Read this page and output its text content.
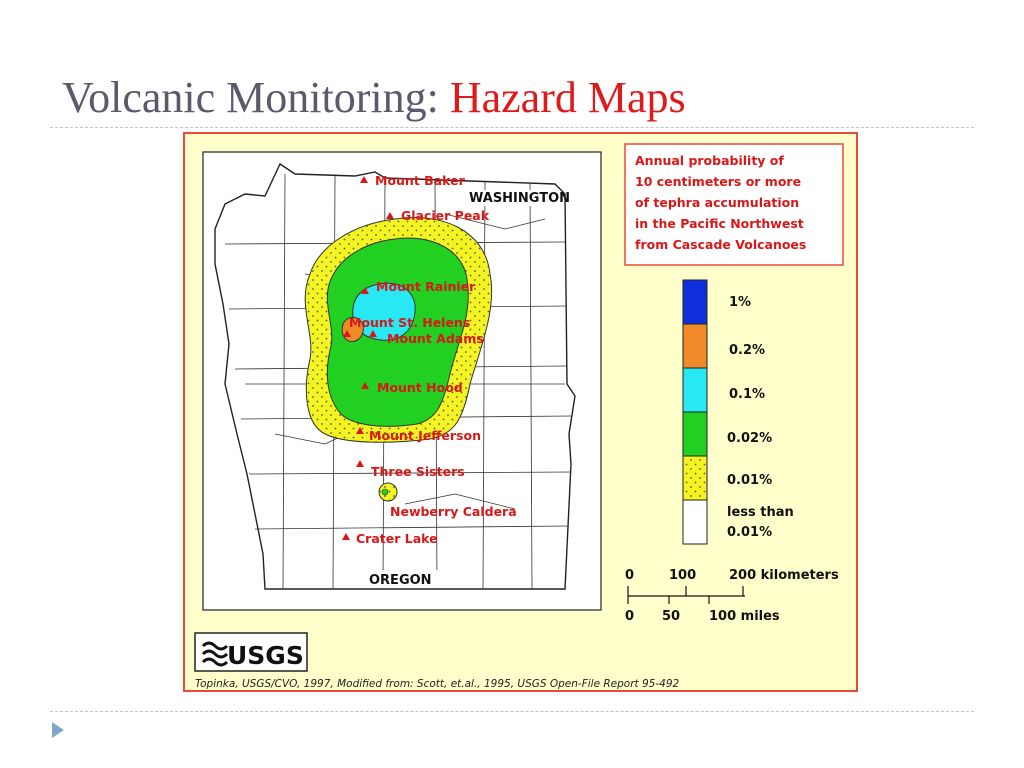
Volcanic Monitoring: Hazard Maps
Mount Baker
Glacier Peak
Mount Rainier
Mount St. Helens
Mount Adams
Mount Hood
Mount Jefferson
Three Sisters
Newberry Caldera
Crater Lake
WASHINGTON
OREGON
Annual probability of
10 centimeters or more
of tephra accumulation
in the Pacific Northwest
from Cascade Volcanoes
1%
0.2%
0.1%
0.02%
0.01%
less than
0.01%
0	100	200 kilometers
0 50 100 miles
USGS
Topinka, USGS/CVO, 1997, Modified from: Scott, et.al., 1995, USGS Open-File Report 95-492
